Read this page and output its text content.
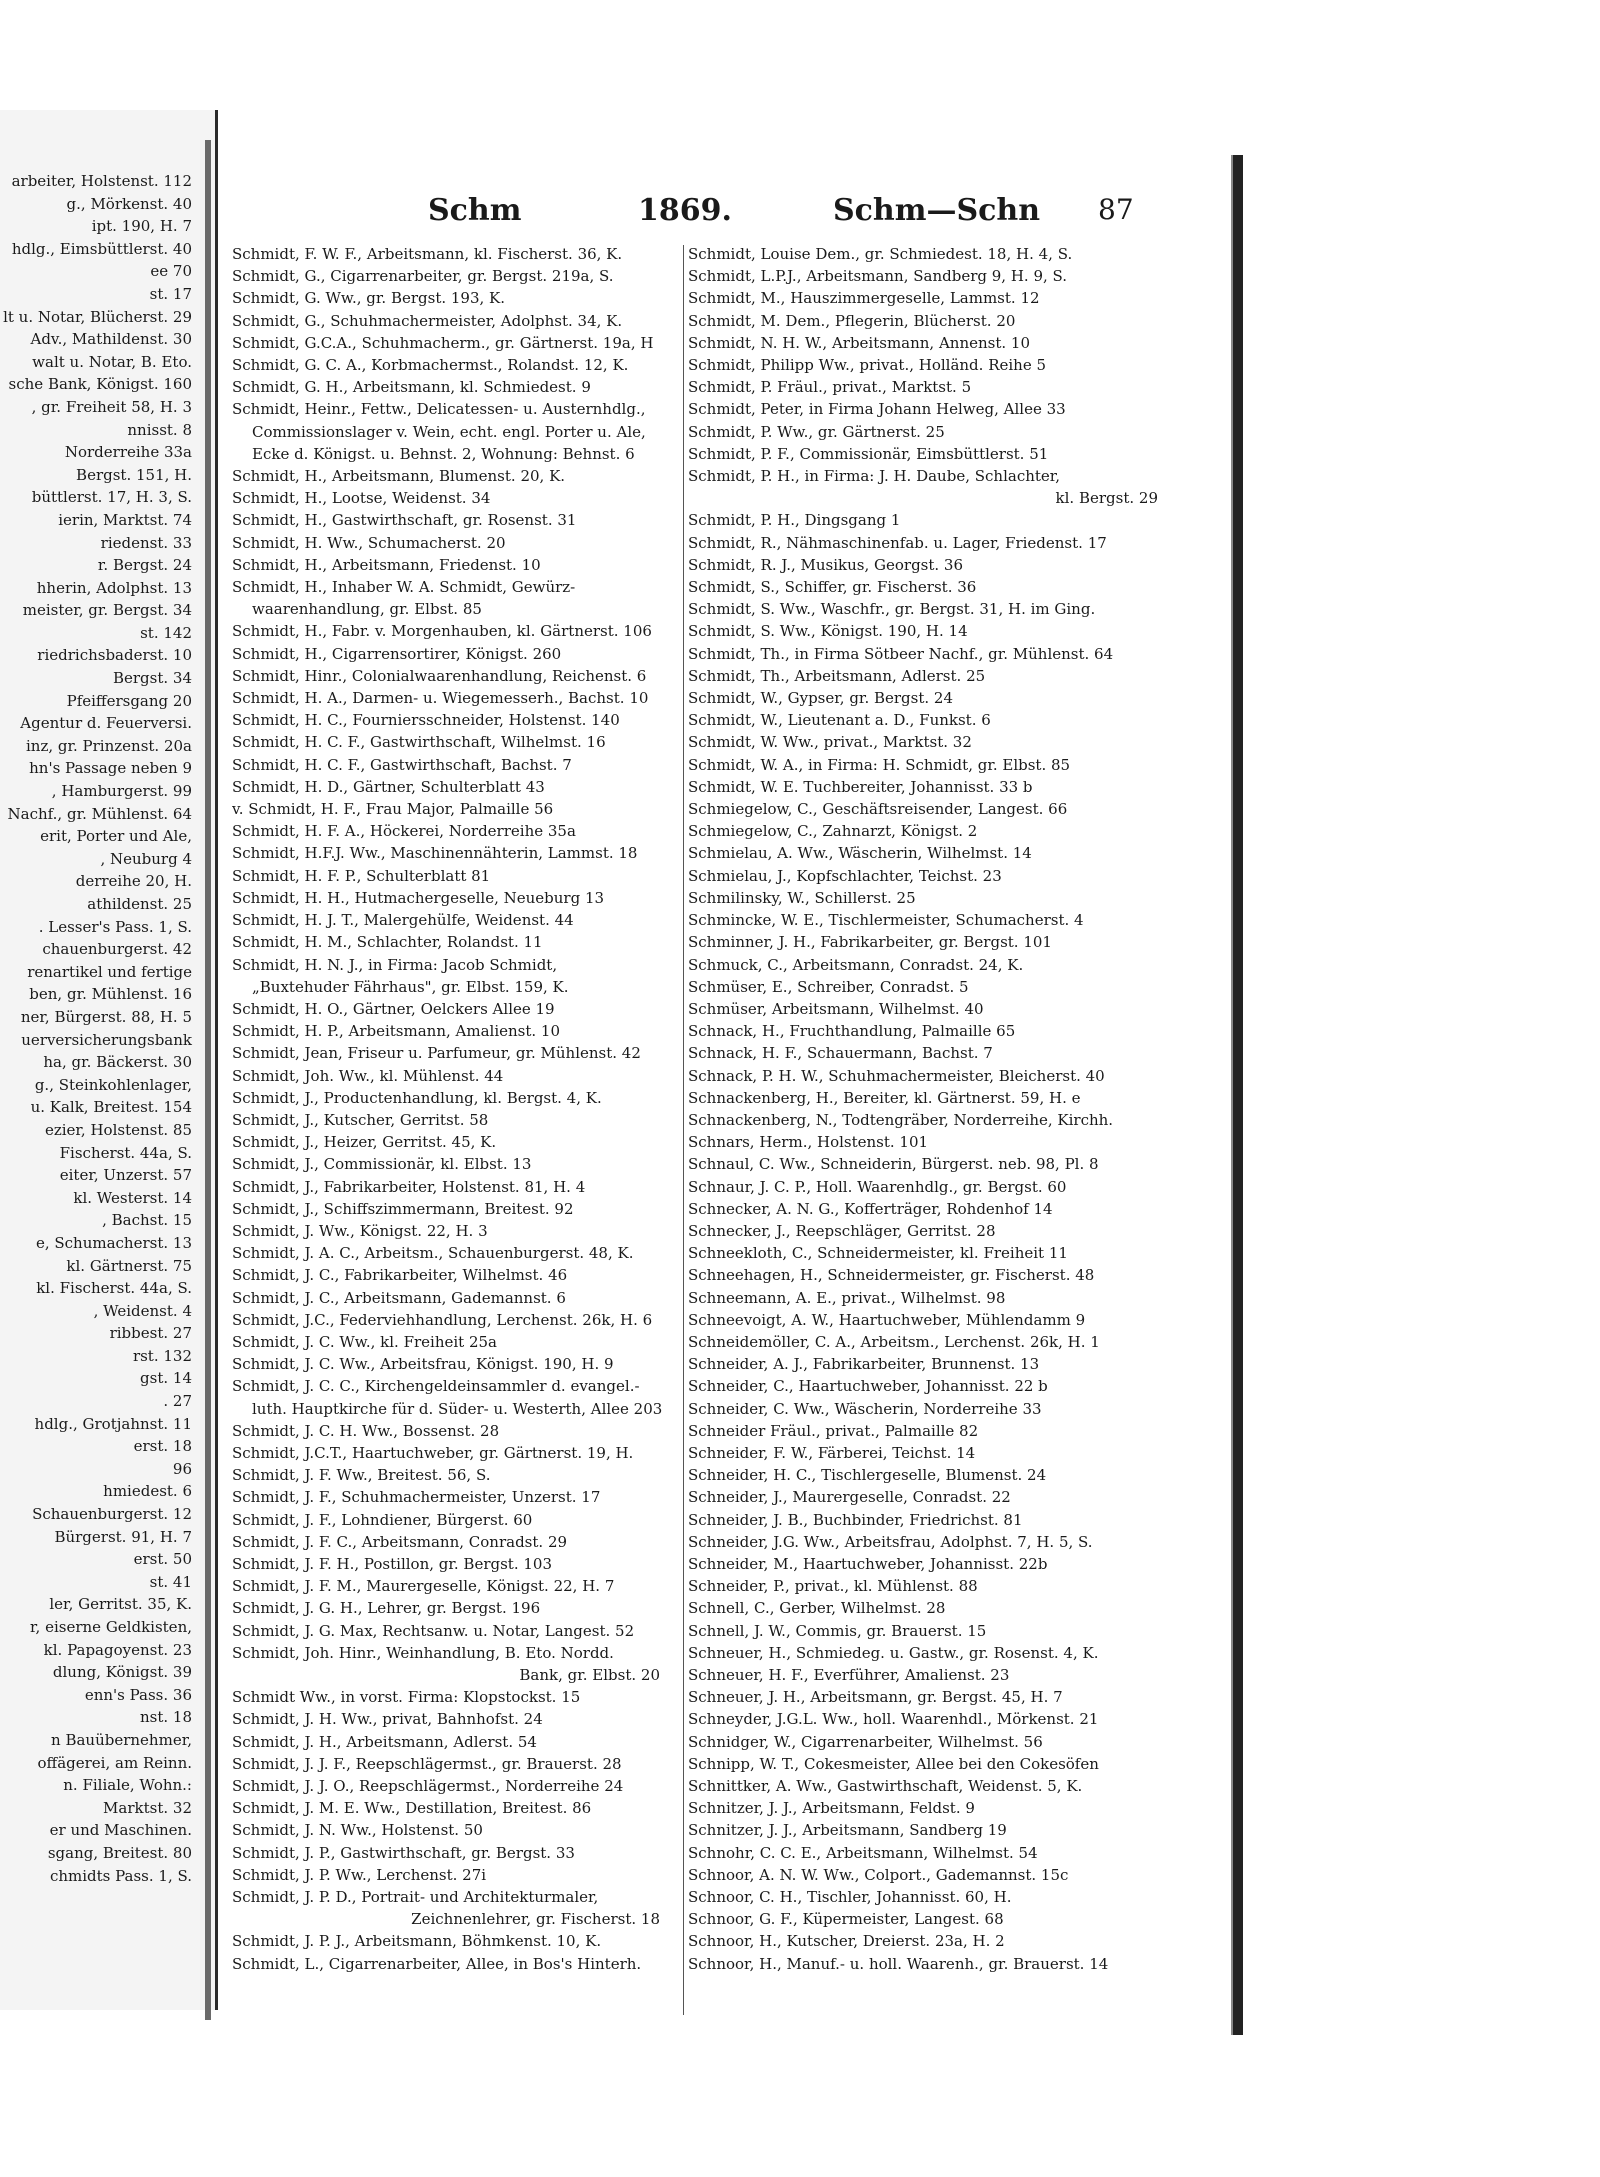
arbeiter, Holstenst. 112
g., Mörkenst. 40
ipt. 190, H. 7
hdlg., Eimsbüttlerst. 40
ee 70
st. 17
lt u. Notar, Blücherst. 29
Adv., Mathildenst. 30
walt u. Notar, B. Eto.
sche Bank, Königst. 160
, gr. Freiheit 58, H. 3
nnisst. 8
Norderreihe 33a
Bergst. 151, H.
büttlerst. 17, H. 3, S.
ierin, Marktst. 74
riedenst. 33
r. Bergst. 24
hherin, Adolphst. 13
meister, gr. Bergst. 34
st. 142
riedrichsbaderst. 10
Bergst. 34
Pfeiffersgang 20
Agentur d. Feuerversi.
inz, gr. Prinzenst. 20a
hn's Passage neben 9
, Hamburgerst. 99
Nachf., gr. Mühlenst. 64
erit, Porter und Ale,
, Neuburg 4
derreihe 20, H.
athildenst. 25
. Lesser's Pass. 1, S.
chauenburgerst. 42
renartikel und fertige
ben, gr. Mühlenst. 16
ner, Bürgerst. 88, H. 5
uerversicherungsbank
ha, gr. Bäckerst. 30
g., Steinkohlenlager,
u. Kalk, Breitest. 154
ezier, Holstenst. 85
Fischerst. 44a, S.
eiter, Unzerst. 57
kl. Westerst. 14
, Bachst. 15
e, Schumacherst. 13
kl. Gärtnerst. 75
kl. Fischerst. 44a, S.
, Weidenst. 4
ribbest. 27
rst. 132
gst. 14
. 27
hdlg., Grotjahnst. 11
erst. 18
96
hmiedest. 6
Schauenburgerst. 12
Bürgerst. 91, H. 7
erst. 50
st. 41
ler, Gerritst. 35, K.
r, eiserne Geldkisten,
kl. Papagoyenst. 23
dlung, Königst. 39
enn's Pass. 36
nst. 18
n Bauübernehmer,
offägerei, am Reinn.
n. Filiale, Wohn.:
Marktst. 32
er und Maschinen.
sgang, Breitest. 80
chmidts Pass. 1, S.
Schm	1869.	Schm—Schn 87
Schmidt, F. W. F., Arbeitsmann, kl. Fischerst. 36, K.
Schmidt, G., Cigarrenarbeiter, gr. Bergst. 219a, S.
Schmidt, G. Ww., gr. Bergst. 193, K.
Schmidt, G., Schuhmachermeister, Adolphst. 34, K.
Schmidt, G.C.A., Schuhmacherm., gr. Gärtnerst. 19a, H
Schmidt, G. C. A., Korbmachermst., Rolandst. 12, K.
Schmidt, G. H., Arbeitsmann, kl. Schmiedest. 9
Schmidt, Heinr., Fettw., Delicatessen- u. Austernhdlg.,
Commissionslager v. Wein, echt. engl. Porter u. Ale,
Ecke d. Königst. u. Behnst. 2, Wohnung: Behnst. 6
Schmidt, H., Arbeitsmann, Blumenst. 20, K.
Schmidt, H., Lootse, Weidenst. 34
Schmidt, H., Gastwirthschaft, gr. Rosenst. 31
Schmidt, H. Ww., Schumacherst. 20
Schmidt, H., Arbeitsmann, Friedenst. 10
Schmidt, H., Inhaber W. A. Schmidt, Gewürz-
waarenhandlung, gr. Elbst. 85
Schmidt, H., Fabr. v. Morgenhauben, kl. Gärtnerst. 106
Schmidt, H., Cigarrensortirer, Königst. 260
Schmidt, Hinr., Colonialwaarenhandlung, Reichenst. 6
Schmidt, H. A., Darmen- u. Wiegemesserh., Bachst. 10
Schmidt, H. C., Fourniersschneider, Holstenst. 140
Schmidt, H. C. F., Gastwirthschaft, Wilhelmst. 16
Schmidt, H. C. F., Gastwirthschaft, Bachst. 7
Schmidt, H. D., Gärtner, Schulterblatt 43
v. Schmidt, H. F., Frau Major, Palmaille 56
Schmidt, H. F. A., Höckerei, Norderreihe 35a
Schmidt, H.F.J. Ww., Maschinennähterin, Lammst. 18
Schmidt, H. F. P., Schulterblatt 81
Schmidt, H. H., Hutmachergeselle, Neueburg 13
Schmidt, H. J. T., Malergehülfe, Weidenst. 44
Schmidt, H. M., Schlachter, Rolandst. 11
Schmidt, H. N. J., in Firma: Jacob Schmidt,
„Buxtehuder Fährhaus", gr. Elbst. 159, K.
Schmidt, H. O., Gärtner, Oelckers Allee 19
Schmidt, H. P., Arbeitsmann, Amalienst. 10
Schmidt, Jean, Friseur u. Parfumeur, gr. Mühlenst. 42
Schmidt, Joh. Ww., kl. Mühlenst. 44
Schmidt, J., Productenhandlung, kl. Bergst. 4, K.
Schmidt, J., Kutscher, Gerritst. 58
Schmidt, J., Heizer, Gerritst. 45, K.
Schmidt, J., Commissionär, kl. Elbst. 13
Schmidt, J., Fabrikarbeiter, Holstenst. 81, H. 4
Schmidt, J., Schiffszimmermann, Breitest. 92
Schmidt, J. Ww., Königst. 22, H. 3
Schmidt, J. A. C., Arbeitsm., Schauenburgerst. 48, K.
Schmidt, J. C., Fabrikarbeiter, Wilhelmst. 46
Schmidt, J. C., Arbeitsmann, Gademannst. 6
Schmidt, J.C., Federviehhandlung, Lerchenst. 26k, H. 6
Schmidt, J. C. Ww., kl. Freiheit 25a
Schmidt, J. C. Ww., Arbeitsfrau, Königst. 190, H. 9
Schmidt, J. C. C., Kirchengeldeinsammler d. evangel.-
luth. Hauptkirche für d. Süder- u. Westerth, Allee 203
Schmidt, J. C. H. Ww., Bossenst. 28
Schmidt, J.C.T., Haartuchweber, gr. Gärtnerst. 19, H.
Schmidt, J. F. Ww., Breitest. 56, S.
Schmidt, J. F., Schuhmachermeister, Unzerst. 17
Schmidt, J. F., Lohndiener, Bürgerst. 60
Schmidt, J. F. C., Arbeitsmann, Conradst. 29
Schmidt, J. F. H., Postillon, gr. Bergst. 103
Schmidt, J. F. M., Maurergeselle, Königst. 22, H. 7
Schmidt, J. G. H., Lehrer, gr. Bergst. 196
Schmidt, J. G. Max, Rechtsanw. u. Notar, Langest. 52
Schmidt, Joh. Hinr., Weinhandlung, B. Eto. Nordd.
Bank, gr. Elbst. 20
Schmidt Ww., in vorst. Firma: Klopstockst. 15
Schmidt, J. H. Ww., privat, Bahnhofst. 24
Schmidt, J. H., Arbeitsmann, Adlerst. 54
Schmidt, J. J. F., Reepschlägermst., gr. Brauerst. 28
Schmidt, J. J. O., Reepschlägermst., Norderreihe 24
Schmidt, J. M. E. Ww., Destillation, Breitest. 86
Schmidt, J. N. Ww., Holstenst. 50
Schmidt, J. P., Gastwirthschaft, gr. Bergst. 33
Schmidt, J. P. Ww., Lerchenst. 27i
Schmidt, J. P. D., Portrait- und Architekturmaler,
Zeichnenlehrer, gr. Fischerst. 18
Schmidt, J. P. J., Arbeitsmann, Böhmkenst. 10, K.
Schmidt, L., Cigarrenarbeiter, Allee, in Bos's Hinterh.
Schmidt, Louise Dem., gr. Schmiedest. 18, H. 4, S.
Schmidt, L.P.J., Arbeitsmann, Sandberg 9, H. 9, S.
Schmidt, M., Hauszimmergeselle, Lammst. 12
Schmidt, M. Dem., Pflegerin, Blücherst. 20
Schmidt, N. H. W., Arbeitsmann, Annenst. 10
Schmidt, Philipp Ww., privat., Holländ. Reihe 5
Schmidt, P. Fräul., privat., Marktst. 5
Schmidt, Peter, in Firma Johann Helweg, Allee 33
Schmidt, P. Ww., gr. Gärtnerst. 25
Schmidt, P. F., Commissionär, Eimsbüttlerst. 51
Schmidt, P. H., in Firma: J. H. Daube, Schlachter,
kl. Bergst. 29
Schmidt, P. H., Dingsgang 1
Schmidt, R., Nähmaschinenfab. u. Lager, Friedenst. 17
Schmidt, R. J., Musikus, Georgst. 36
Schmidt, S., Schiffer, gr. Fischerst. 36
Schmidt, S. Ww., Waschfr., gr. Bergst. 31, H. im Ging.
Schmidt, S. Ww., Königst. 190, H. 14
Schmidt, Th., in Firma Sötbeer Nachf., gr. Mühlenst. 64
Schmidt, Th., Arbeitsmann, Adlerst. 25
Schmidt, W., Gypser, gr. Bergst. 24
Schmidt, W., Lieutenant a. D., Funkst. 6
Schmidt, W. Ww., privat., Marktst. 32
Schmidt, W. A., in Firma: H. Schmidt, gr. Elbst. 85
Schmidt, W. E. Tuchbereiter, Johannisst. 33 b
Schmiegelow, C., Geschäftsreisender, Langest. 66
Schmiegelow, C., Zahnarzt, Königst. 2
Schmielau, A. Ww., Wäscherin, Wilhelmst. 14
Schmielau, J., Kopfschlachter, Teichst. 23
Schmilinsky, W., Schillerst. 25
Schmincke, W. E., Tischlermeister, Schumacherst. 4
Schminner, J. H., Fabrikarbeiter, gr. Bergst. 101
Schmuck, C., Arbeitsmann, Conradst. 24, K.
Schmüser, E., Schreiber, Conradst. 5
Schmüser, Arbeitsmann, Wilhelmst. 40
Schnack, H., Fruchthandlung, Palmaille 65
Schnack, H. F., Schauermann, Bachst. 7
Schnack, P. H. W., Schuhmachermeister, Bleicherst. 40
Schnackenberg, H., Bereiter, kl. Gärtnerst. 59, H. e
Schnackenberg, N., Todtengräber, Norderreihe, Kirchh.
Schnars, Herm., Holstenst. 101
Schnaul, C. Ww., Schneiderin, Bürgerst. neb. 98, Pl. 8
Schnaur, J. C. P., Holl. Waarenhdlg., gr. Bergst. 60
Schnecker, A. N. G., Kofferträger, Rohdenhof 14
Schnecker, J., Reepschläger, Gerritst. 28
Schneekloth, C., Schneidermeister, kl. Freiheit 11
Schneehagen, H., Schneidermeister, gr. Fischerst. 48
Schneemann, A. E., privat., Wilhelmst. 98
Schneevoigt, A. W., Haartuchweber, Mühlendamm 9
Schneidemöller, C. A., Arbeitsm., Lerchenst. 26k, H. 1
Schneider, A. J., Fabrikarbeiter, Brunnenst. 13
Schneider, C., Haartuchweber, Johannisst. 22 b
Schneider, C. Ww., Wäscherin, Norderreihe 33
Schneider Fräul., privat., Palmaille 82
Schneider, F. W., Färberei, Teichst. 14
Schneider, H. C., Tischlergeselle, Blumenst. 24
Schneider, J., Maurergeselle, Conradst. 22
Schneider, J. B., Buchbinder, Friedrichst. 81
Schneider, J.G. Ww., Arbeitsfrau, Adolphst. 7, H. 5, S.
Schneider, M., Haartuchweber, Johannisst. 22b
Schneider, P., privat., kl. Mühlenst. 88
Schnell, C., Gerber, Wilhelmst. 28
Schnell, J. W., Commis, gr. Brauerst. 15
Schneuer, H., Schmiedeg. u. Gastw., gr. Rosenst. 4, K.
Schneuer, H. F., Everführer, Amalienst. 23
Schneuer, J. H., Arbeitsmann, gr. Bergst. 45, H. 7
Schneyder, J.G.L. Ww., holl. Waarenhdl., Mörkenst. 21
Schnidger, W., Cigarrenarbeiter, Wilhelmst. 56
Schnipp, W. T., Cokesmeister, Allee bei den Cokesöfen
Schnittker, A. Ww., Gastwirthschaft, Weidenst. 5, K.
Schnitzer, J. J., Arbeitsmann, Feldst. 9
Schnitzer, J. J., Arbeitsmann, Sandberg 19
Schnohr, C. C. E., Arbeitsmann, Wilhelmst. 54
Schnoor, A. N. W. Ww., Colport., Gademannst. 15c
Schnoor, C. H., Tischler, Johannisst. 60, H.
Schnoor, G. F., Küpermeister, Langest. 68
Schnoor, H., Kutscher, Dreierst. 23a, H. 2
Schnoor, H., Manuf.- u. holl. Waarenh., gr. Brauerst. 14
